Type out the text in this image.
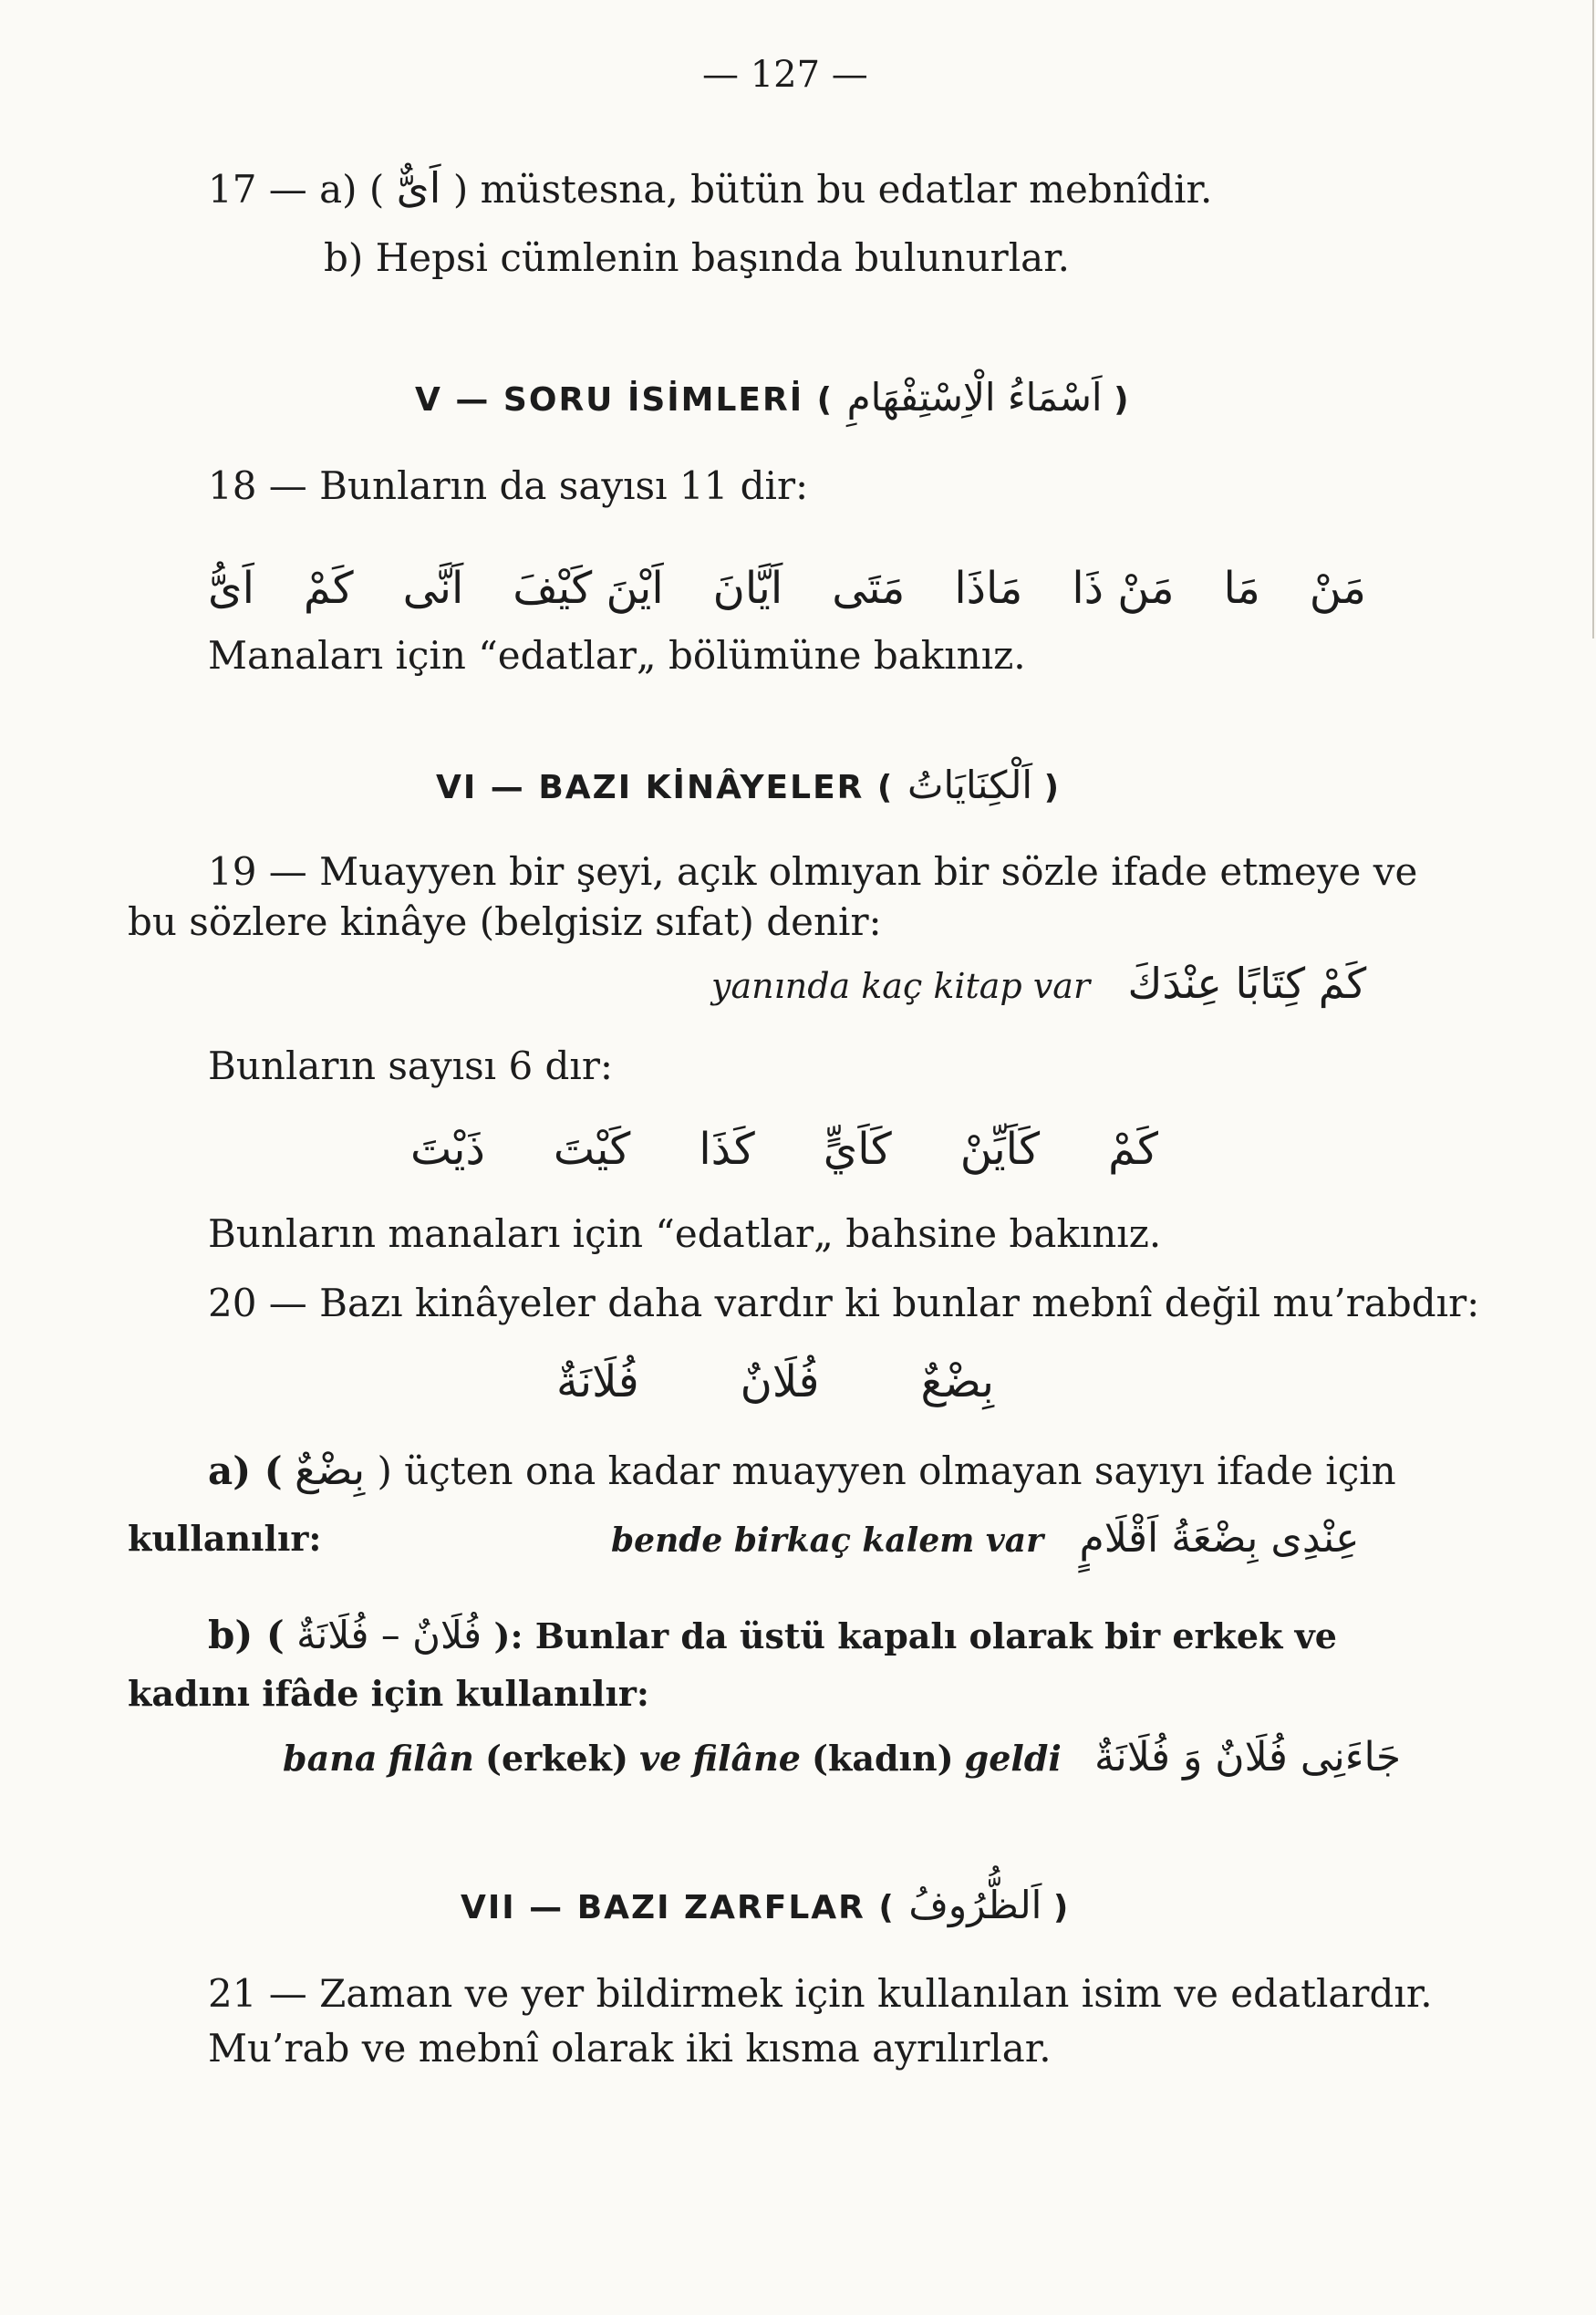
— 127 —
17 — a) ( اَىٌّ ) müstesna, bütün bu edatlar mebnîdir.
b) Hepsi cümlenin başında bulunurlar.
V — SORU İSİMLERİ ( اَسْمَاءُ الْاِسْتِفْهَامِ )
18 — Bunların da sayısı 11 dir:
مَنْ
مَا
مَنْ ذَا
مَاذَا
مَتَى
اَيَّانَ
اَيْنَ كَيْفَ
اَنَّى
كَمْ
اَىُّ
Manaları için “edatlar„ bölümüne bakınız.
VI — BAZI KİNÂYELER ( اَلْكِنَايَاتُ )
19 — Muayyen bir şeyi, açık olmıyan bir sözle ifade etmeye ve
bu sözlere kinâye (belgisiz sıfat) denir:
yanında kaç kitap var كَمْ كِتَابًا عِنْدَكَ
Bunların sayısı 6 dır:
كَمْ
كَاَيِّنْ
كَاَيٍّ
كَذَا
كَيْتَ
ذَيْتَ
Bunların manaları için “edatlar„ bahsine bakınız.
20 — Bazı kinâyeler daha vardır ki bunlar mebnî değil mu’rabdır:
بِضْعٌ
فُلَانٌ
فُلَانَةٌ
a) ( بِضْعٌ ) üçten ona kadar muayyen olmayan sayıyı ifade için
kullanılır:	bende birkaç kalem var عِنْدِى بِضْعَةُ اَقْلَامٍ
b) ( فُلَانٌ – فُلَانَةٌ ): Bunlar da üstü kapalı olarak bir erkek ve
kadını ifâde için kullanılır:
bana filân (erkek) ve filâne (kadın) geldi جَاءَنِى فُلَانٌ وَ فُلَانَةٌ
VII — BAZI ZARFLAR ( اَلظُّرُوفُ )
21 — Zaman ve yer bildirmek için kullanılan isim ve edatlardır.
Mu’rab ve mebnî olarak iki kısma ayrılırlar.
